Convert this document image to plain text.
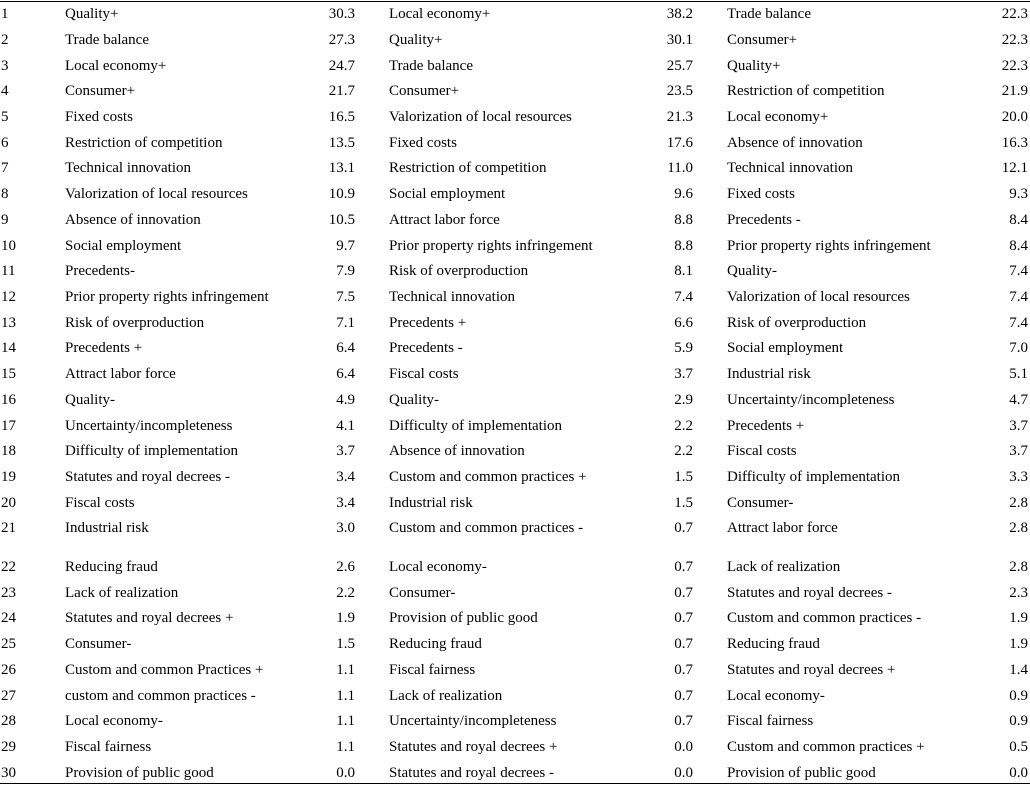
1	Quality+	30.3 Local economy+	38.2 Trade balance	22.3
2	Trade balance	27.3 Quality+	30.1 Consumer+	22.3
3	Local economy+	24.7 Trade balance	25.7 Quality+	22.3
4	Consumer+	21.7 Consumer+	23.5 Restriction of competition	21.9
5	Fixed costs	16.5 Valorization of local resources	21.3 Local economy+	20.0
6	Restriction of competition	13.5 Fixed costs	17.6 Absence of innovation	16.3
7	Technical innovation	13.1 Restriction of competition	11.0 Technical innovation	12.1
8	Valorization of local resources	10.9 Social employment	9.6 Fixed costs	9.3
9	Absence of innovation	10.5 Attract labor force	8.8 Precedents -	8.4
10	Social employment	9.7 Prior property rights infringement	8.8 Prior property rights infringement	8.4
11	Precedents-	7.9 Risk of overproduction	8.1 Quality-	7.4
12	Prior property rights infringement	7.5 Technical innovation	7.4 Valorization of local resources	7.4
13	Risk of overproduction	7.1 Precedents +	6.6 Risk of overproduction	7.4
14	Precedents +	6.4 Precedents -	5.9 Social employment	7.0
15	Attract labor force	6.4 Fiscal costs	3.7 Industrial risk	5.1
16	Quality-	4.9 Quality-	2.9 Uncertainty/incompleteness	4.7
17	Uncertainty/incompleteness	4.1 Difficulty of implementation	2.2 Precedents +	3.7
18	Difficulty of implementation	3.7 Absence of innovation	2.2 Fiscal costs	3.7
19	Statutes and royal decrees -	3.4 Custom and common practices +	1.5 Difficulty of implementation	3.3
20	Fiscal costs	3.4 Industrial risk	1.5 Consumer-	2.8
21	Industrial risk	3.0 Custom and common practices -	0.7 Attract labor force	2.8
22	Reducing fraud	2.6 Local economy-	0.7 Lack of realization	2.8
23	Lack of realization	2.2 Consumer-	0.7 Statutes and royal decrees -	2.3
24	Statutes and royal decrees +	1.9 Provision of public good	0.7 Custom and common practices -	1.9
25	Consumer-	1.5 Reducing fraud	0.7 Reducing fraud	1.9
26	Custom and common Practices +	1.1 Fiscal fairness	0.7 Statutes and royal decrees +	1.4
27	custom and common practices -	1.1 Lack of realization	0.7 Local economy-	0.9
28	Local economy-	1.1 Uncertainty/incompleteness	0.7 Fiscal fairness	0.9
29	Fiscal fairness	1.1 Statutes and royal decrees +	0.0 Custom and common practices +	0.5
30	Provision of public good	0.0 Statutes and royal decrees -	0.0 Provision of public good	0.0
